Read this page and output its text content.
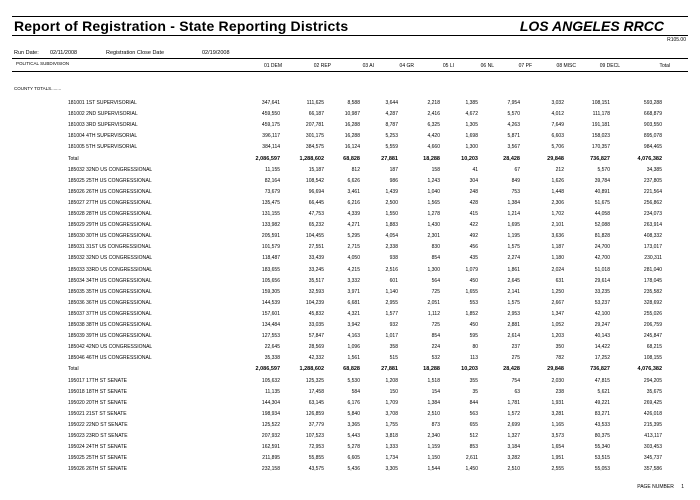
Report of Registration - State Reporting Districts	LOS ANGELES RRCC
R105.00
Run Date: 02/11/2008	Registration Close Date	02/19/2008
POLITICAL SUBDIVISION	01 DEM	02 REP	03 AI	04 GR	05 LI	06 NL	07 PF	08 MISC	09 DECL	Total
COUNTY TOTALS........
181001 1ST SUPERVISORIAL	347,641	111,625	8,588	3,644	2,218	1,385	7,954	3,032	108,151	593,288
181002 2ND SUPERVISORIAL	459,550	66,187	10,987	4,287	2,416	4,672	5,570	4,012	111,178	668,879
181003 3RD SUPERVISORIAL	459,175	207,781	16,288	8,787	6,325	1,305	4,263	7,649	191,181	903,550
181004 4TH SUPERVISORIAL	396,117	301,175	16,288	5,253	4,420	1,698	5,871	6,603	158,023	895,078
181005 5TH SUPERVISORIAL	384,114	384,575	16,124	5,559	4,660	1,300	3,567	5,706	170,357	984,465
Total	2,086,597	1,288,602	68,828	27,881	18,288	10,203	28,428	29,848	736,827	4,076,382
185032 32ND US CONGRESSIONAL	11,155	15,187	812	187	158	41	67	212	5,570	34,385
185025 25TH US CONGRESSIONAL	82,164	108,542	6,626	986	1,243	304	849	1,626	39,784	237,805
185026 26TH US CONGRESSIONAL	73,679	96,694	3,461	1,439	1,040	248	753	1,448	40,891	221,564
185027 27TH US CONGRESSIONAL	135,475	66,445	6,216	2,500	1,565	428	1,384	2,306	51,675	256,862
185028 28TH US CONGRESSIONAL	131,155	47,753	4,339	1,550	1,278	415	1,214	1,702	44,058	234,073
185029 29TH US CONGRESSIONAL	133,982	65,232	4,271	1,883	1,430	422	1,695	2,101	52,088	263,914
185030 30TH US CONGRESSIONAL	205,591	104,455	5,295	4,054	2,301	492	1,195	3,636	81,828	408,332
185031 31ST US CONGRESSIONAL	101,579	27,551	2,715	2,338	830	456	1,575	1,187	24,700	173,017
185032 32ND US CONGRESSIONAL	118,487	33,439	4,050	938	854	435	2,274	1,180	42,700	230,311
185033 33RD US CONGRESSIONAL	183,655	33,245	4,215	2,516	1,300	1,079	1,861	2,024	51,018	281,040
185034 34TH US CONGRESSIONAL	105,656	35,517	3,332	601	564	450	2,645	631	29,614	178,045
185035 35TH US CONGRESSIONAL	159,305	32,593	3,971	1,140	725	1,655	2,141	1,250	33,235	235,582
185036 36TH US CONGRESSIONAL	144,539	104,239	6,681	2,955	2,051	553	1,575	2,667	53,237	328,692
185037 37TH US CONGRESSIONAL	157,601	45,832	4,321	1,577	1,112	1,852	2,953	1,347	42,100	255,026
185038 38TH US CONGRESSIONAL	134,484	33,035	3,942	932	725	450	2,881	1,052	29,247	206,759
185039 39TH US CONGRESSIONAL	127,553	57,847	4,163	1,017	854	595	2,614	1,203	40,143	245,847
185042 42ND US CONGRESSIONAL	22,645	28,569	1,096	358	224	80	237	350	14,422	68,215
185046 46TH US CONGRESSIONAL	35,338	42,332	1,561	515	532	113	275	782	17,252	108,155
Total	2,086,597	1,288,602	68,828	27,881	18,288	10,203	28,428	29,848	736,827	4,076,382
195017 17TH ST SENATE	105,632	125,325	5,530	1,208	1,518	355	754	2,030	47,815	294,205
195018 18TH ST SENATE	11,135	17,458	584	150	154	35	63	238	5,621	35,675
195020 20TH ST SENATE	144,304	63,145	6,176	1,709	1,384	844	1,781	1,931	49,221	269,425
195021 21ST ST SENATE	198,934	126,859	5,840	3,708	2,510	563	1,572	3,281	83,271	426,018
195022 22ND ST SENATE	125,522	37,779	3,365	1,755	873	655	2,699	1,165	43,533	215,395
195023 23RD ST SENATE	207,932	107,523	5,443	3,818	2,340	512	1,327	3,573	80,375	413,117
195024 24TH ST SENATE	162,591	72,953	5,278	1,333	1,159	853	3,184	1,654	55,340	303,453
195025 25TH ST SENATE	211,895	55,855	6,605	1,734	1,150	2,611	3,282	1,951	53,515	345,737
195026 26TH ST SENATE	232,158	43,575	5,436	3,305	1,544	1,450	2,510	2,555	55,053	357,586
PAGE NUMBER 1
